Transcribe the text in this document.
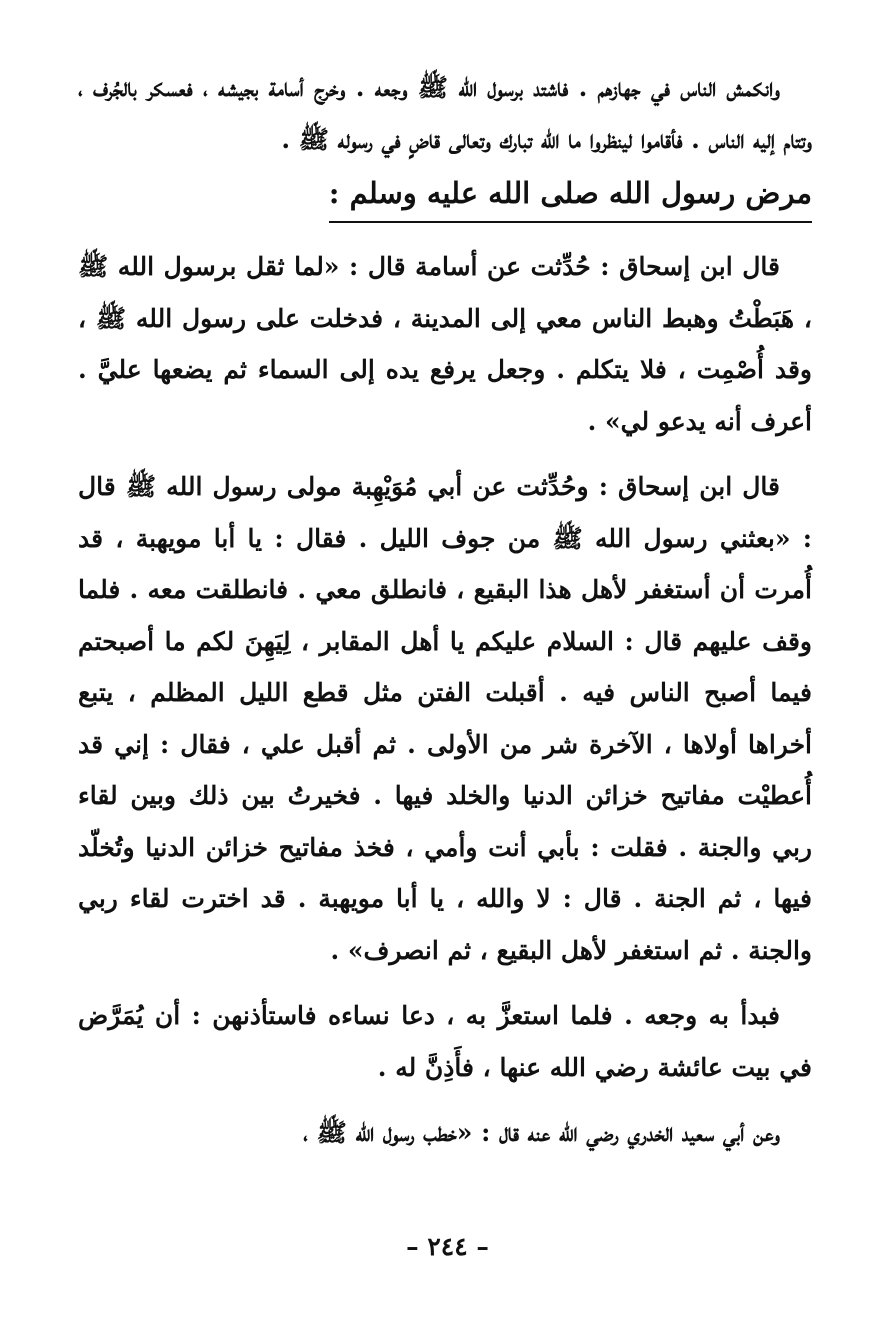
وانكمش الناس في جهازهم . فاشتد برسول الله ﷺ وجعه . وخرج أسامة بجيشه ، فعسكر بالجُرف ، وتتام إليه الناس . فأقاموا لينظروا ما الله تبارك وتعالى قاضٍ في رسوله ﷺ .

مرض رسول الله صلى الله عليه وسلم :

قال ابن إسحاق : حُدِّثت عن أسامة قال : «لما ثقل برسول الله ﷺ ، هَبَطْتُ وهبط الناس معي إلى المدينة ، فدخلت على رسول الله ﷺ ، وقد أُصْمِت ، فلا يتكلم . وجعل يرفع يده إلى السماء ثم يضعها عليَّ . أعرف أنه يدعو لي» .

قال ابن إسحاق : وحُدِّثت عن أبي مُوَيْهِبة مولى رسول الله ﷺ قال : «بعثني رسول الله ﷺ من جوف الليل . فقال : يا أبا مويهبة ، قد أُمرت أن أستغفر لأهل هذا البقيع ، فانطلق معي . فانطلقت معه . فلما وقف عليهم قال : السلام عليكم يا أهل المقابر ، لِيَهِنَ لكم ما أصبحتم فيما أصبح الناس فيه . أقبلت الفتن مثل قطع الليل المظلم ، يتبع أخراها أولاها ، الآخرة شر من الأولى . ثم أقبل علي ، فقال : إني قد أُعطيْت مفاتيح خزائن الدنيا والخلد فيها . فخيرتُ بين ذلك وبين لقاء ربي والجنة . فقلت : بأبي أنت وأمي ، فخذ مفاتيح خزائن الدنيا وتُخلّد فيها ، ثم الجنة . قال : لا والله ، يا أبا مويهبة . قد اخترت لقاء ربي والجنة . ثم استغفر لأهل البقيع ، ثم انصرف» .

فبدأ به وجعه . فلما استعزَّ به ، دعا نساءه فاستأذنهن : أن يُمَرَّض في بيت عائشة رضي الله عنها ، فأَذِنَّ له .

وعن أبي سعيد الخدري رضي الله عنه قال : «خطب رسول الله ﷺ ،

– ٢٤٤ –
